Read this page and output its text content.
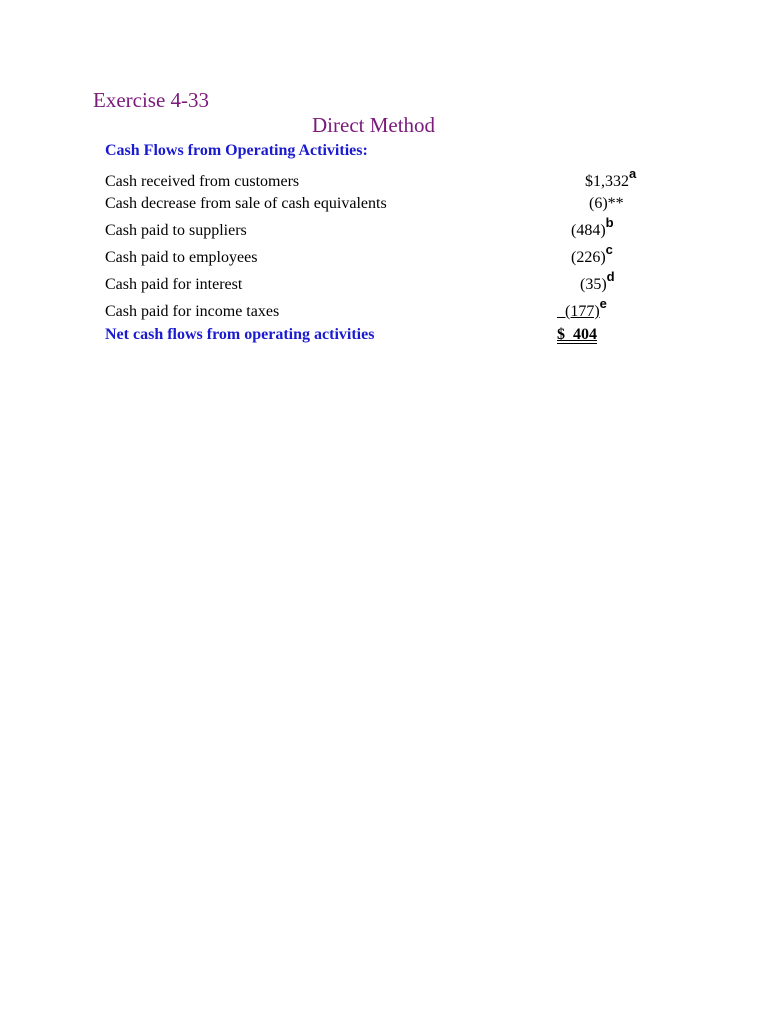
Exercise 4-33
Direct Method
Cash Flows from Operating Activities:
Cash received from customers	$1,332$^a$
Cash decrease from sale of cash equivalents	(6)**
Cash paid to suppliers	$(484)^b$
Cash paid to employees	$(226)^c$
Cash paid for interest	$(35)^d$
Cash paid for income taxes	$(177)^e$
Net cash flows from operating activities	$  404
